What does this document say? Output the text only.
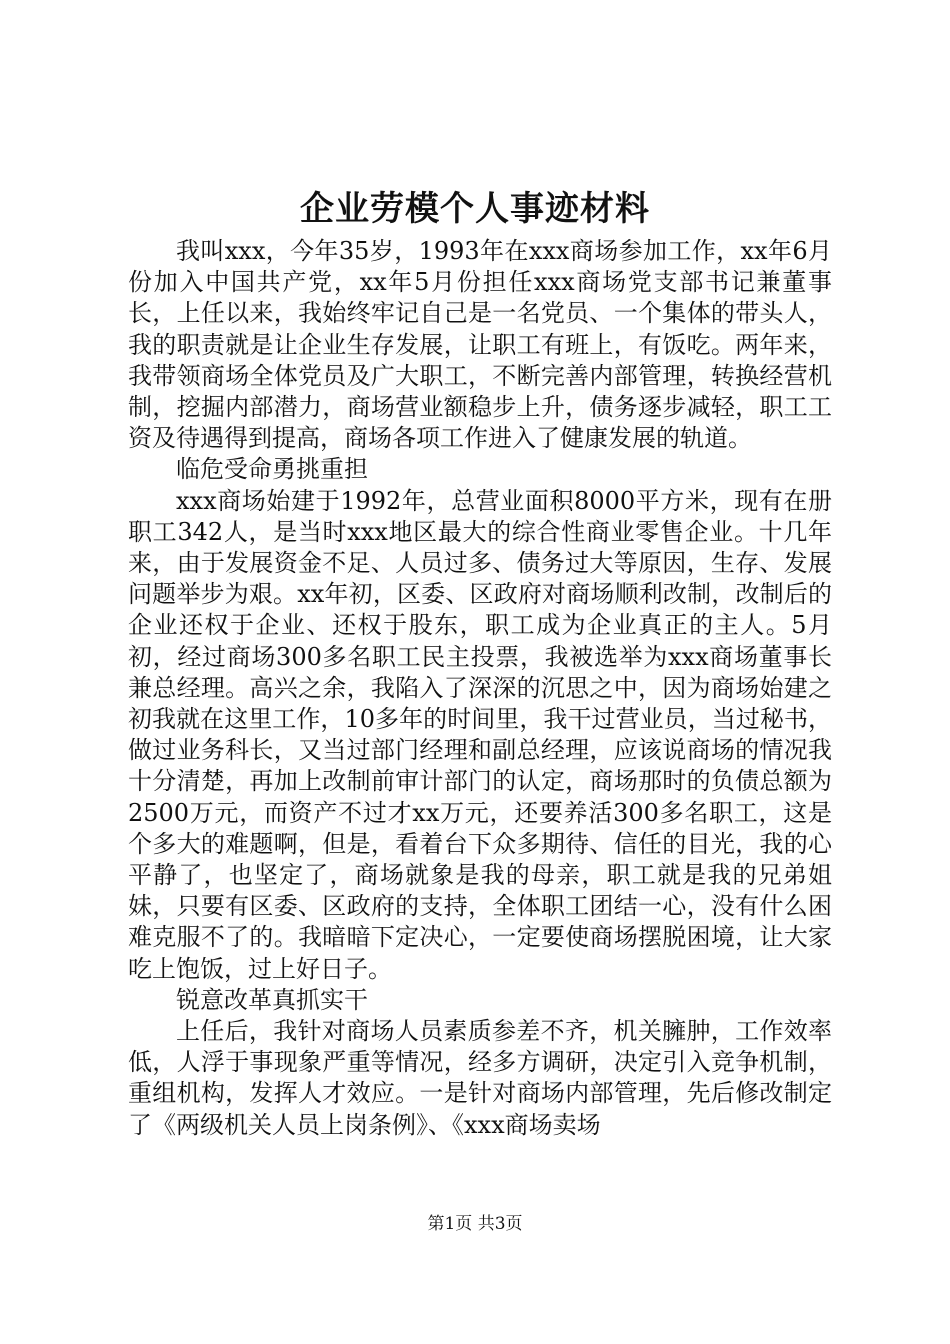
企业劳模个人事迹材料

我叫xxx，今年35岁，1993年在xxx商场参加工作，xx年6月份加入中国共产党，xx年5月份担任xxx商场党支部书记兼董事长，上任以来，我始终牢记自己是一名党员、一个集体的带头人，我的职责就是让企业生存发展，让职工有班上，有饭吃。两年来，我带领商场全体党员及广大职工，不断完善内部管理，转换经营机制，挖掘内部潜力，商场营业额稳步上升，债务逐步减轻，职工工资及待遇得到提高，商场各项工作进入了健康发展的轨道。

临危受命勇挑重担

xxx商场始建于1992年，总营业面积8000平方米，现有在册职工342人，是当时xxx地区最大的综合性商业零售企业。十几年来，由于发展资金不足、人员过多、债务过大等原因，生存、发展问题举步为艰。xx年初，区委、区政府对商场顺利改制，改制后的企业还权于企业、还权于股东，职工成为企业真正的主人。5月初，经过商场300多名职工民主投票，我被选举为xxx商场董事长兼总经理。高兴之余，我陷入了深深的沉思之中，因为商场始建之初我就在这里工作，10多年的时间里，我干过营业员，当过秘书，做过业务科长，又当过部门经理和副总经理，应该说商场的情况我十分清楚，再加上改制前审计部门的认定，商场那时的负债总额为2500万元，而资产不过才xx万元，还要养活300多名职工，这是个多大的难题啊，但是，看着台下众多期待、信任的目光，我的心平静了，也坚定了，商场就象是我的母亲，职工就是我的兄弟姐妹，只要有区委、区政府的支持，全体职工团结一心，没有什么困难克服不了的。我暗暗下定决心，一定要使商场摆脱困境，让大家吃上饱饭，过上好日子。

锐意改革真抓实干

上任后，我针对商场人员素质参差不齐，机关臃肿，工作效率低，人浮于事现象严重等情况，经多方调研，决定引入竞争机制，重组机构，发挥人才效应。一是针对商场内部管理，先后修改制定了《两级机关人员上岗条例》、《xxx商场卖场

第1页 共3页
